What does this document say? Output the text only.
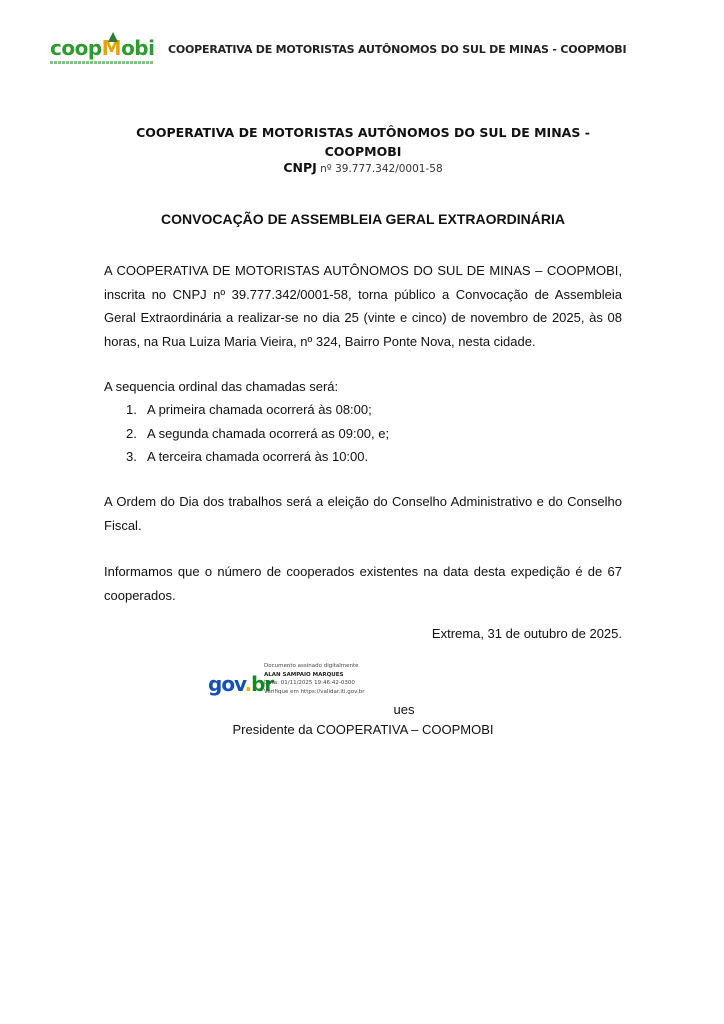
coopMobi COOPERATIVA DE MOTORISTAS AUTÔNOMOS DO SUL DE MINAS - COOPMOBI
COOPERATIVA DE MOTORISTAS AUTÔNOMOS DO SUL DE MINAS -
COOPMOBI
CNPJ nº 39.777.342/0001-58
CONVOCAÇÃO DE ASSEMBLEIA GERAL EXTRAORDINÁRIA
A COOPERATIVA DE MOTORISTAS AUTÔNOMOS DO SUL DE MINAS – COOPMOBI, inscrita no CNPJ nº 39.777.342/0001-58, torna público a Convocação de Assembleia Geral Extraordinária a realizar-se no dia 25 (vinte e cinco) de novembro de 2025, às 08 horas, na Rua Luiza Maria Vieira, nº 324, Bairro Ponte Nova, nesta cidade.
A sequencia ordinal das chamadas será:
1. A primeira chamada ocorrerá às 08:00;
2. A segunda chamada ocorrerá as 09:00, e;
3. A terceira chamada ocorrerá às 10:00.
A Ordem do Dia dos trabalhos será a eleição do Conselho Administrativo e do Conselho Fiscal.
Informamos que o número de cooperados existentes na data desta expedição é de 67 cooperados.
Extrema, 31 de outubro de 2025.
gov.br
Documento assinado digitalmente
ALAN SAMPAIO MARQUES
Data: 01/11/2025 19:46:42-0300
Verifique em https://validar.iti.gov.br
ues
Presidente da COOPERATIVA – COOPMOBI
